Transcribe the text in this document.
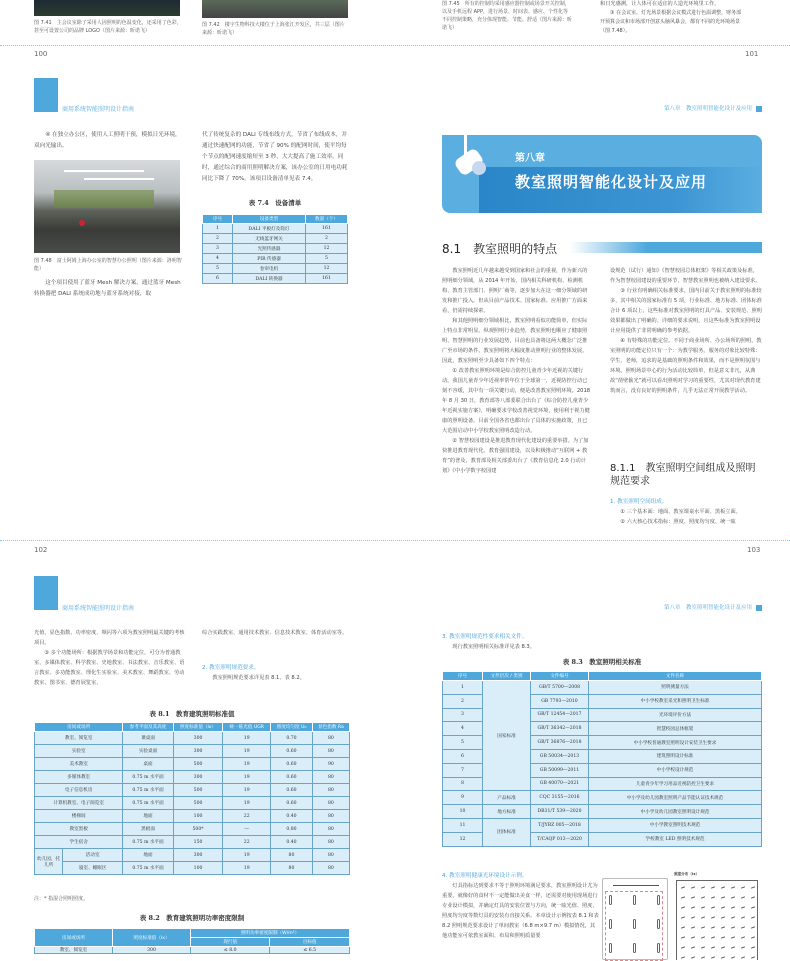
图 7.41　主会议室除了采用人因照明的色温变化，还采用了色彩，甚至可设置公司的品牌 LOGO（图片来源：昕诺飞）
图 7.42　楼宇生物科技大楼位于上海张江开发区，共三层（图片来源：昕诺飞）
图 7.45　所有的控制均采用感应器控制或场景开关控制，以及手机远程 APP，进行场景、时间表、感应、个性化等不同控制策略，充分体现智能、节能、舒适（图片来源：昕诺飞）

和日光感测，让人体可在适宜的人造光环境里工作。

③ 在会议室，灯光场景根据会议模式进行色温调整，财务部开预算会议和市场部开创意头脑风暴会，都有不同的光环境场景（图 7.48）。

100	101
商用系统智能照明设计指南

④ 在独立办公区，使用人工照明干预，模拟日光环境，双向光输出。

图 7.48　富士阿姆上海办公室的智慧办公照明（图片来源：洛明智能）

这个项目使用了蓝牙 Mesh 解决方案，通过蓝牙 Mesh 转换器把 DALI 系统成功地与蓝牙系统对接，取

代了传统复杂的 DALI 专线布线方式，节省了布线成本，并通过快速配网的功能，节省了 90% 的配网时间，使平均每个节点的配网速度缩短至 3 秒，大大提高了施工效率。同时，通过综合的商用照明解决方案，该办公室的日用电功耗同比下降了 70%。该项目设备清单见表 7.4。

表 7.4　设备清单
序号	设备类型	数量（个）
1	DALI 平板灯及筒灯	161
2	无线蓝牙网关	2
3	光照传感器	12
4	PIR 传感器	5
5	卷帘电机	12
6	DALI 转换器	161
第八章　教室照明智能化设计及应用
第八章
教室照明智能化设计及应用
8.1　教室照明的特点

教室照明近几年越来越受到国家和社会的重视，作为新兴的照明细分领域，从 2014 年开始，国内相关科研机构、检测机构、教育主管部门、照明厂商等，逐步加大在这一细分领域的研发和推广投入，但从目前产品技术、国家标准、应用推广方面来看，仍需持续探索。

和其他照明细分领域相比，教室照明看似功能简单，但实际上特点非常明显。纵观照明行业趋势，教室照明也顺应了健康照明、智慧照明的行业发展趋势，目前也具备将这两大概念广泛推广至市场的条件。教室照明将大幅度推动照明行业的整体发展。因此，教室照明至少具备如下四个特点：

① 改善教室照明环境是综合防控儿童青少年近视的关键行动。我国儿童青少年近视率常年位于全球第一，近视防控行动已刻不容缓，其中有一项关键行动，便是改善教室照明环境。2018 年 8 月 30 日，教育部等八部委联合出台了《综合防控儿童青少年近视实施方案》，明确要求学校改善视觉环境，使用利于视力健康的照明设备。目前全国各省也都出台了具体的实施政策，且已大范围启动中小学校教室照明改造行动。

② 智慧校园建设是推进教育现代化建设的重要举措。为了加快推进教育现代化、教育强国建设，以及积极推动“互联网 + 教育”的普及，教育部及相关部委出台了《教育信息化 2.0 行动计划》《中小学数字校园建

设规范（试行）通知》《智慧校园总体框架》等相关政策及标准，作为智慧校园建设的重要环节，智慧教室照明也被纳入建设要求。

③ 行业有明确相关标准要求。国内目前关于教室照明的标准较多，其中相关的国家标准有 5 项，行业标准、地方标准、团体标准合计 6 项以上，这些标准对教室照明的灯具产品、安装规范、照明效果都做出了明确的、详细的要求说明，且这些标准为教室照明设计应用提供了非常明确的参考依据。

④ 有特殊的功能定位。不同于商业场所、办公场所的照明，教室照明的功能定位只有一个：为教学服务。服务的对象比较特殊：学生、老师，追求的是基础的照明条件和效果，而不是照明氛围与环境。照明场景中心的行为活动比较简单，但是意义非凡，从典故“凿壁偷光”就可以看出照明对学习的重要性，尤其对现代教育建筑而言，没有良好的照明条件，几乎无法正常开展教学活动。

8.1.1　教室照明空间组成及照明规范要求
1. 教室照明空间组成。

① 三个基本面：地面、教室课桌水平面、黑板立面。

② 六大核心技术指标：照度、照度均匀度、统一眩

102
商用系统智能照明设计指南

光值、显色指数、功率密度、频闪等六项为教室照明最关键的考核项目。

③ 多个功能场所：根据教学场景和功能定位，可分为普通教室、多媒体教室、科学教室、史地教室、书法教室、音乐教室、语言教室、多功能教室、理化生实验室、美术教室、舞蹈教室、劳动教室、图书室、德育展览室、

综合实践教室、通用技术教室、信息技术教室、体育活动室等。

2. 教室照明规范要求。

教室照明规范要求详见表 8.1、表 8.2。

表 8.1　教育建筑照明标准值
房间或场所		参考平面及其高度	照度标准值（lx）	统一眩光值 UGR	照度均匀度 U₀	显色指数 Ra
教室、阅览室		课桌面	300	19	0.70	80
实验室		实验桌面	300	19	0.60	80
美术教室		桌面	500	19	0.60	90
多媒体教室		0.75 m 水平面	300	19	0.60	80
电子信息机房		0.75 m 水平面	500	19	0.60	80
计算机教室、电子阅览室		0.75 m 水平面	500	19	0.60	80
楼梯间		地面	100	22	0.40	80
教室黑板		黑板面	500*	—	0.80	80
学生宿舍		0.75 m 水平面	150	22	0.40	80
幼儿园、托儿所	活动室	地面	300	19	80	80
	寝室、睡眠区	0.75 m 水平面	100	19	80	80
注：* 指混合照明照度。
表 8.2　教育建筑照明功率密度限制
房间或场所	照度标准值（lx）	照明功率密度限制（W/m²）	
		现行值	目标值
教室、阅览室	300	≤ 8.0	≤ 6.5
103
第八章　教室照明智能化设计及应用
3. 教室照明规范性要求相关文件。

现行教室照明相关标准详见表 8.3。

表 8.3　教室照明相关标准
序号	文件层次 / 类别	文件编号	文件名称
1	国家标准	GB/T 5700—2008	照明测量方法
2		GB 7793—2010	中小学校教室采光和照明卫生标准
3		GB/T 12454—2017	光环境评价方法
4		GB/T 36342—2018	智慧校园总体框架
5		GB/T 36876—2018	中小学校普通教室照明设计安装卫生要求
6		GB 50034—2013	建筑照明设计标准
7		GB 50099—2011	中小学校设计规范
8		GB 40070—2021	儿童青少年学习用品近视防控卫生要求
9	产品标准	CQC 3155—2016	中小学及幼儿园教室照明产品节能认证技术规范
10	地方标准	DB31/T 539—2020	中小学及幼儿园教室照明设计规范
11	团体标准	T/JYBZ 005—2018	中小学教室照明技术规范
12		T/CAQP 013—2020	学校教室 LED 照明技术规范
4. 教室照明健康光环境设计示例。

灯具指标达到要求不等于照明环境满足要求，教室照明设计尤为重要。就像好的食材不一定能做出美食一样，还需要对使用现场进行专业设计模拟，并确定灯具的安装位置与方向，统一眩光值、照度、照度均匀度等数灯具的安装有直接关系。本章设计示例按表 8.1 和表 8.2 照明规范要求设计了单间教室（6.8 m×9.7 m）模拟情况，其他功能室可依教室面积、布局和照明质量要

照度分布（lx）
